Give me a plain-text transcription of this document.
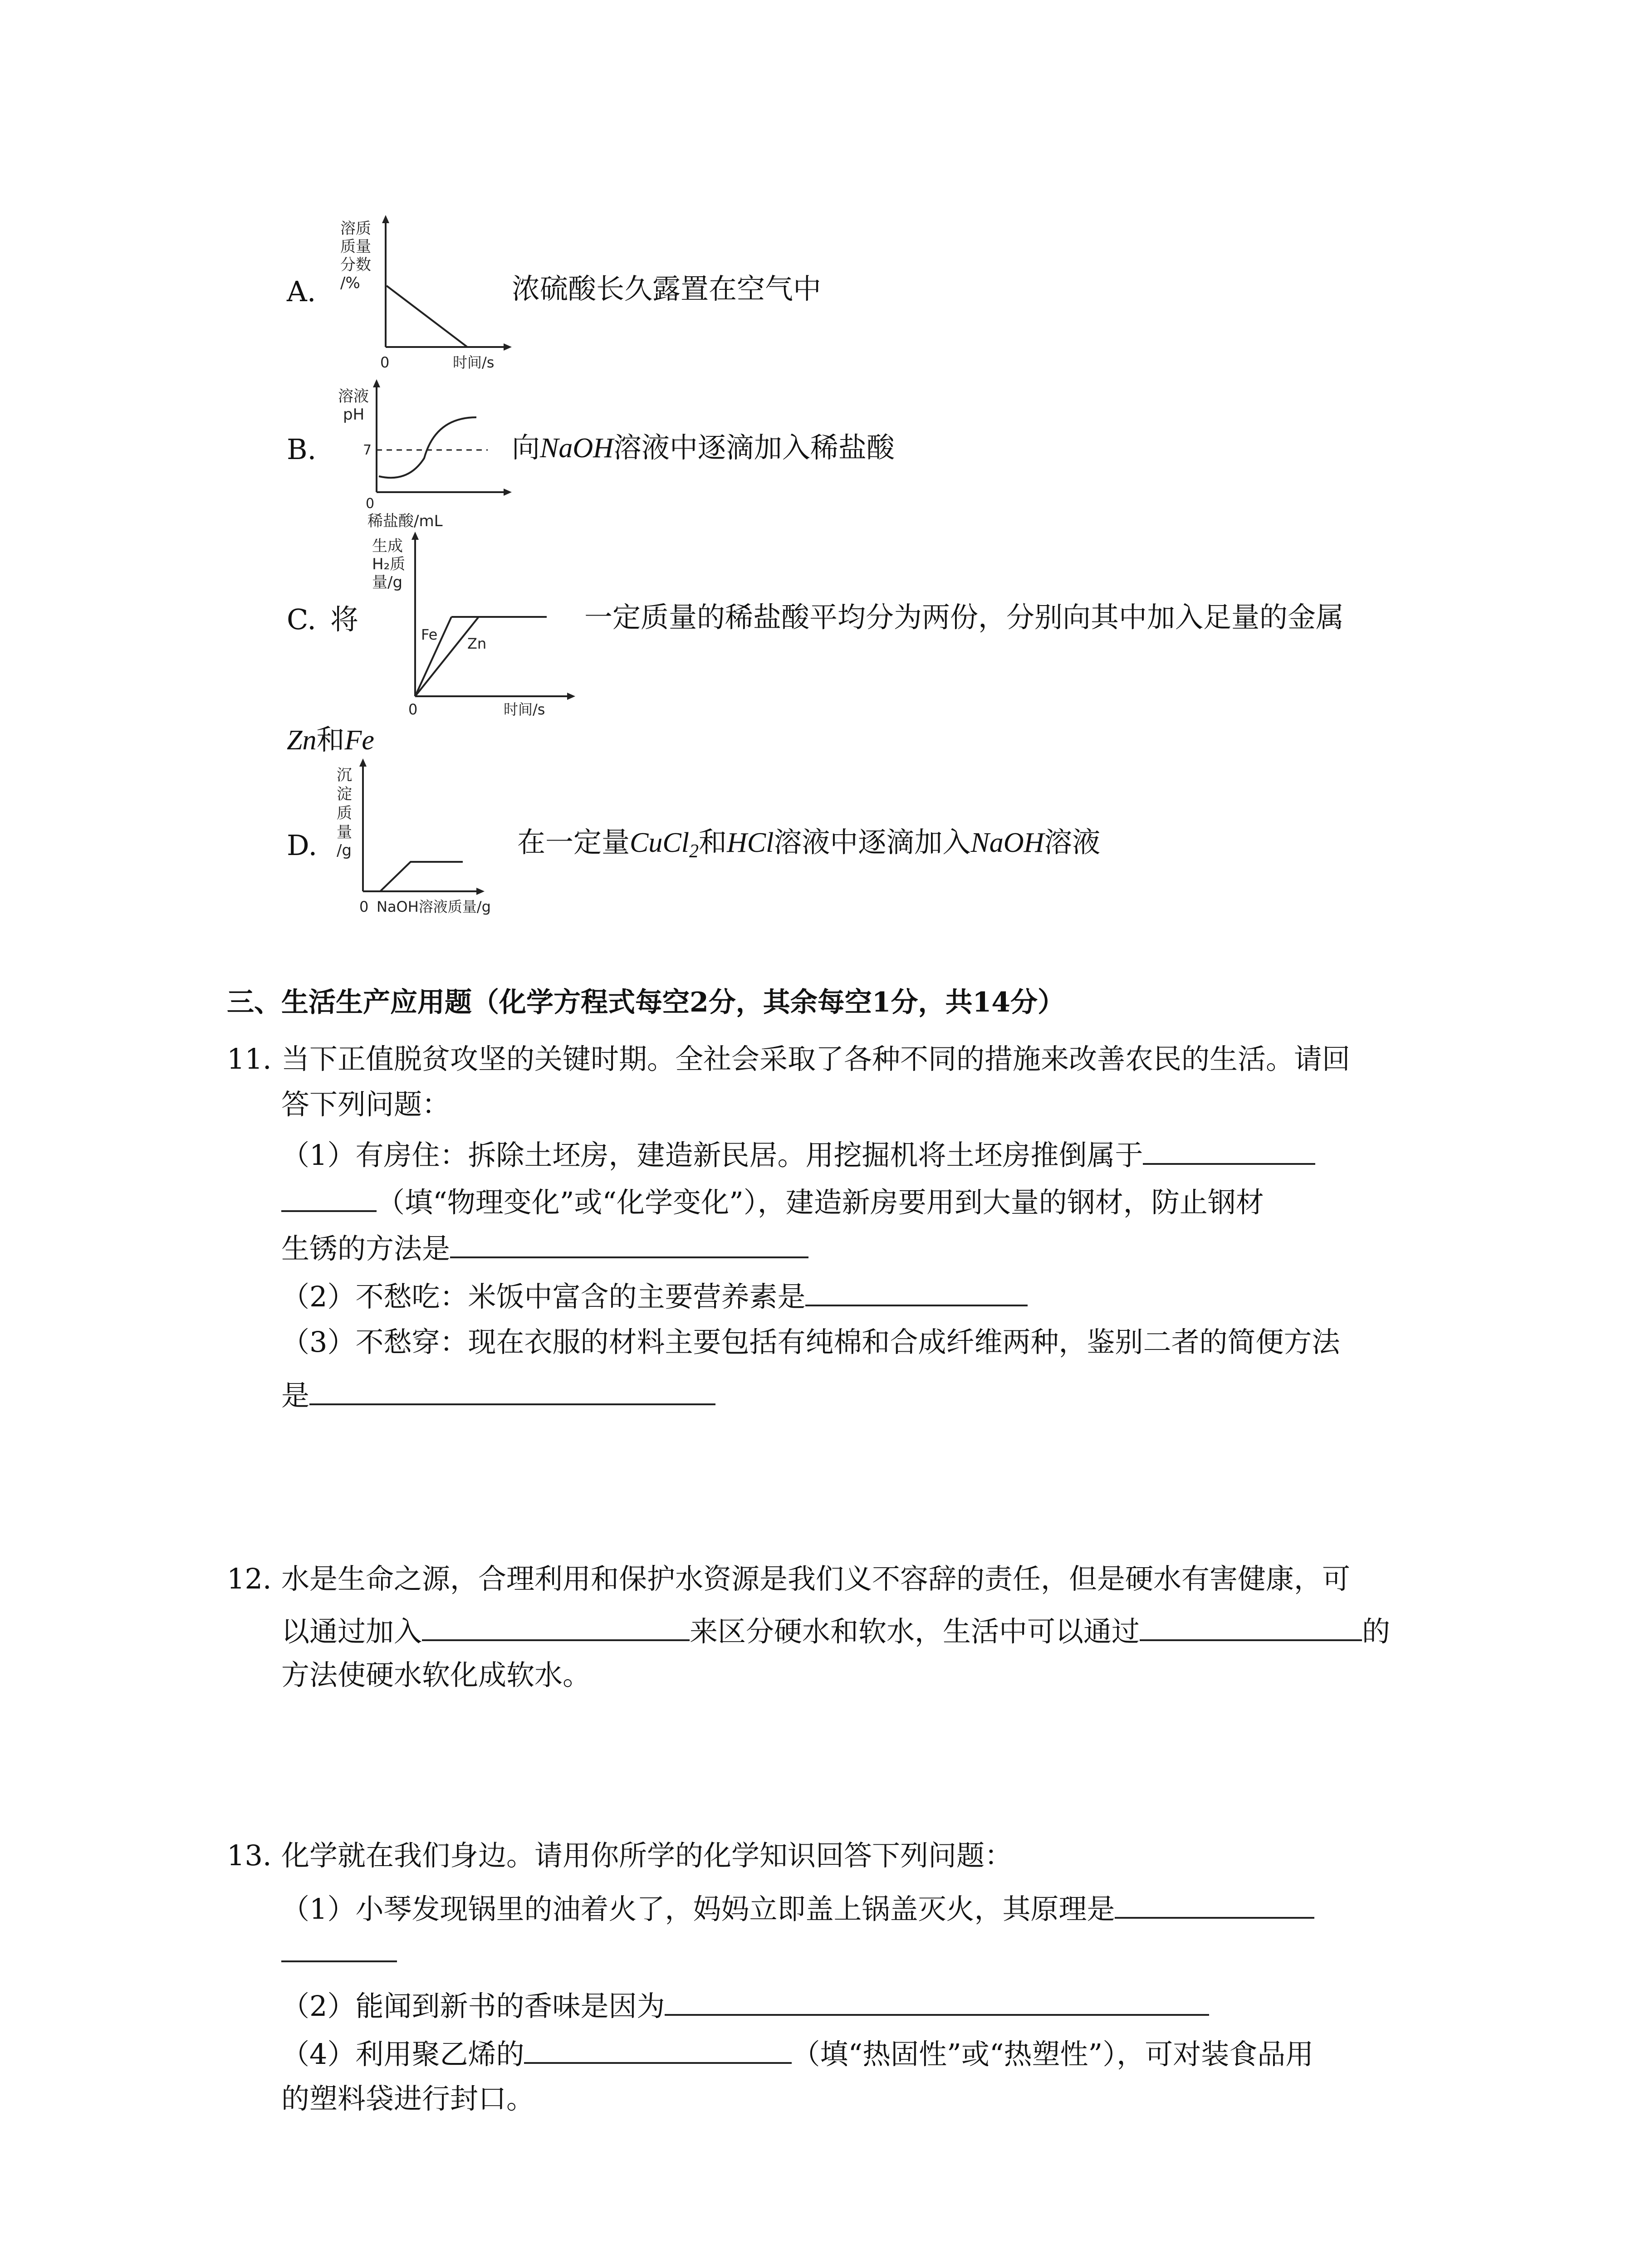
A.
溶质
质量
分数
/%
0	时间/s
浓硫酸长久露置在空气中
B.
溶液
pH
7
0
稀盐酸/mL
向NaOH溶液中逐滴加入稀盐酸
C. 将
生成
H₂质
量/g
Fe
Zn
0	时间/s
一定质量的稀盐酸平均分为两份，分别向其中加入足量的金属
Zn和Fe
D.
沉
淀
质
量
/g
0 NaOH溶液质量/g
在一定量CuCl$_2$和HCl溶液中逐滴加入NaOH溶液
三、生活生产应用题（化学方程式每空2分，其余每空1分，共14分）
11. 当下正值脱贫攻坚的关键时期。全社会采取了各种不同的措施来改善农民的生活。请回
答下列问题：
（1）有房住：拆除土坯房，建造新民居。用挖掘机将土坯房推倒属于
（填“物理变化”或“化学变化”），建造新房要用到大量的钢材，防止钢材
生锈的方法是
（2）不愁吃：米饭中富含的主要营养素是
（3）不愁穿：现在衣服的材料主要包括有纯棉和合成纤维两种，鉴别二者的简便方法
是
12. 水是生命之源，合理利用和保护水资源是我们义不容辞的责任，但是硬水有害健康，可
以通过加入	来区分硬水和软水，生活中可以通过	的
方法使硬水软化成软水。
13. 化学就在我们身边。请用你所学的化学知识回答下列问题：
（1）小琴发现锅里的油着火了，妈妈立即盖上锅盖灭火，其原理是
（2）能闻到新书的香味是因为
（4）利用聚乙烯的	（填“热固性”或“热塑性”），可对装食品用
的塑料袋进行封口。
